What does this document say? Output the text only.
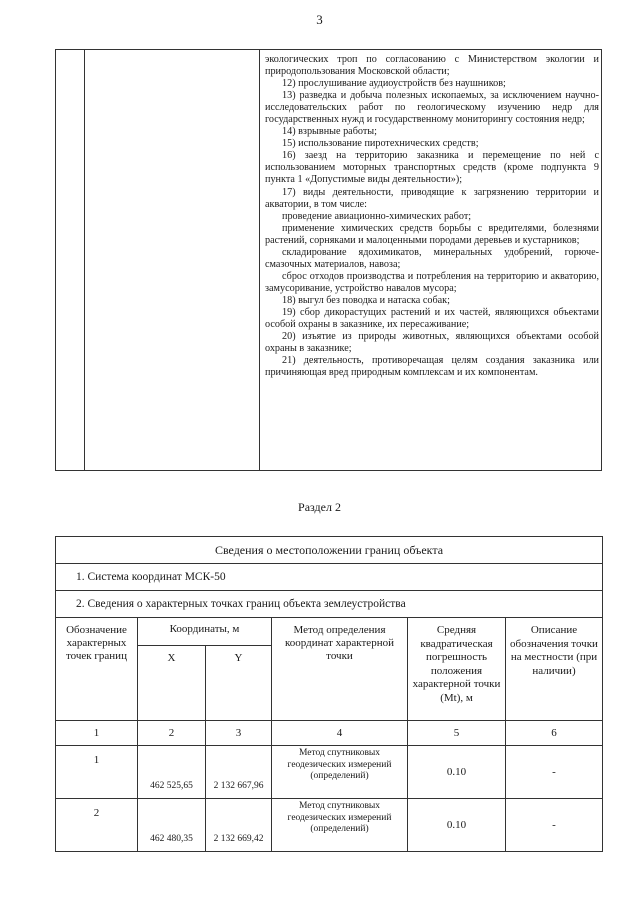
3

экологических троп по согласованию с Министерством экологии и природопользования Московской области;

12) прослушивание аудиоустройств без наушников;

13) разведка и добыча полезных ископаемых, за исключением научно-исследовательских работ по геологическому изучению недр для государственных нужд и государственному мониторингу состояния недр;

14) взрывные работы;

15) использование пиротехнических средств;

16) заезд на территорию заказника и перемещение по ней с использованием моторных транспортных средств (кроме подпункта 9 пункта 1 «Допустимые виды деятельности»);

17) виды деятельности, приводящие к загрязнению территории и акватории, в том числе:

проведение авиационно-химических работ;

применение химических средств борьбы с вредителями, болезнями растений, сорняками и малоценными породами деревьев и кустарников;

складирование ядохимикатов, минеральных удобрений, горюче-смазочных материалов, навоза;

сброс отходов производства и потребления на территорию и акваторию, замусоривание, устройство навалов мусора;

18) выгул без поводка и натаска собак;

19) сбор дикорастущих растений и их частей, являющихся объектами особой охраны в заказнике, их пересаживание;

20) изъятие из природы животных, являющихся объектами особой охраны в заказнике;

21) деятельность, противоречащая целям создания заказника или причиняющая вред природным комплексам и их компонентам.

Раздел 2
Сведения о местоположении границ объекта					
1. Система координат МСК-50					
2. Сведения о характерных точках границ объекта землеустройства					
Обозначение характерных точек границ	Координаты, м		Метод определения координат характерной точки	Средняя квадратическая погрешность положения характерной точки (Mt), м	Описание обозначения точки на местности (при наличии)
	X	Y			
1	2	3	4	5	6
1	462 525,65	2 132 667,96	Метод спутниковых геодезических измерений (определений)	0.10	-
2	462 480,35	2 132 669,42	Метод спутниковых геодезических измерений (определений)	0.10	-
